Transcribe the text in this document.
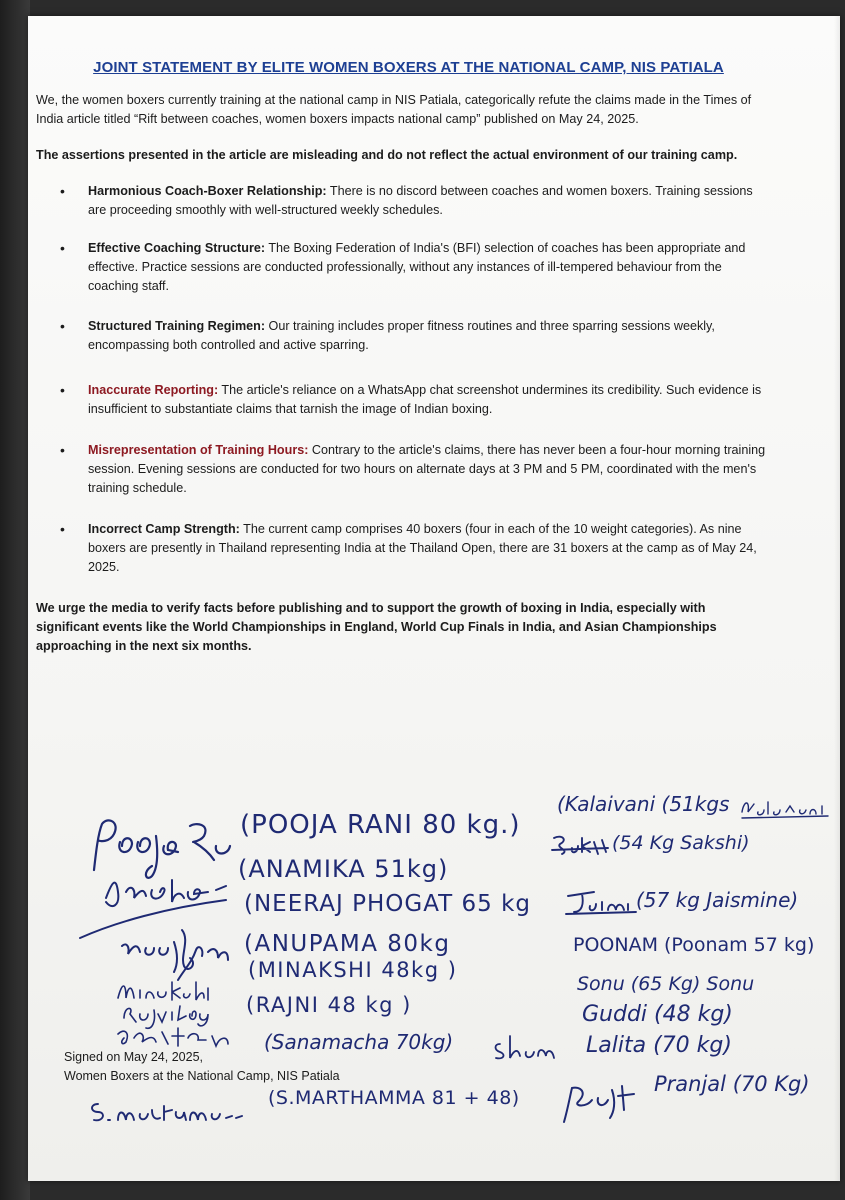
JOINT STATEMENT BY ELITE WOMEN BOXERS AT THE NATIONAL CAMP, NIS PATIALA
We, the women boxers currently training at the national camp in NIS Patiala, categorically refute the claims made in the Times of India article titled “Rift between coaches, women boxers impacts national camp” published on May 24, 2025.
The assertions presented in the article are misleading and do not reflect the actual environment of our training camp.
• Harmonious Coach-Boxer Relationship: There is no discord between coaches and women boxers. Training sessions are proceeding smoothly with well-structured weekly schedules.
• Effective Coaching Structure: The Boxing Federation of India's (BFI) selection of coaches has been appropriate and effective. Practice sessions are conducted professionally, without any instances of ill-tempered behaviour from the coaching staff.
• Structured Training Regimen: Our training includes proper fitness routines and three sparring sessions weekly, encompassing both controlled and active sparring.
• Inaccurate Reporting: The article's reliance on a WhatsApp chat screenshot undermines its credibility. Such evidence is insufficient to substantiate claims that tarnish the image of Indian boxing.
• Misrepresentation of Training Hours: Contrary to the article's claims, there has never been a four-hour morning training session. Evening sessions are conducted for two hours on alternate days at 3 PM and 5 PM, coordinated with the men's training schedule.
• Incorrect Camp Strength: The current camp comprises 40 boxers (four in each of the 10 weight categories). As nine boxers are presently in Thailand representing India at the Thailand Open, there are 31 boxers at the camp as of May 24, 2025.
We urge the media to verify facts before publishing and to support the growth of boxing in India, especially with significant events like the World Championships in England, World Cup Finals in India, and Asian Championships approaching in the next six months.
(POOJA RANI 80 kg.)
(ANAMIKA 51kg)
(NEERAJ PHOGAT 65 kg
(ANUPAMA 80kg
(MINAKSHI 48kg )
(RAJNI 48 kg )
(Sanamacha 70kg)
(S.MARTHAMMA 81 + 48)
(Kalaivani (51kgs
(54 Kg Sakshi)
(57 kg Jaismine)
POONAM (Poonam 57 kg)
Sonu (65 Kg) Sonu
Guddi (48 kg)
Lalita (70 kg)
Pranjal (70 Kg)
Signed on May 24, 2025,
Women Boxers at the National Camp, NIS Patiala
